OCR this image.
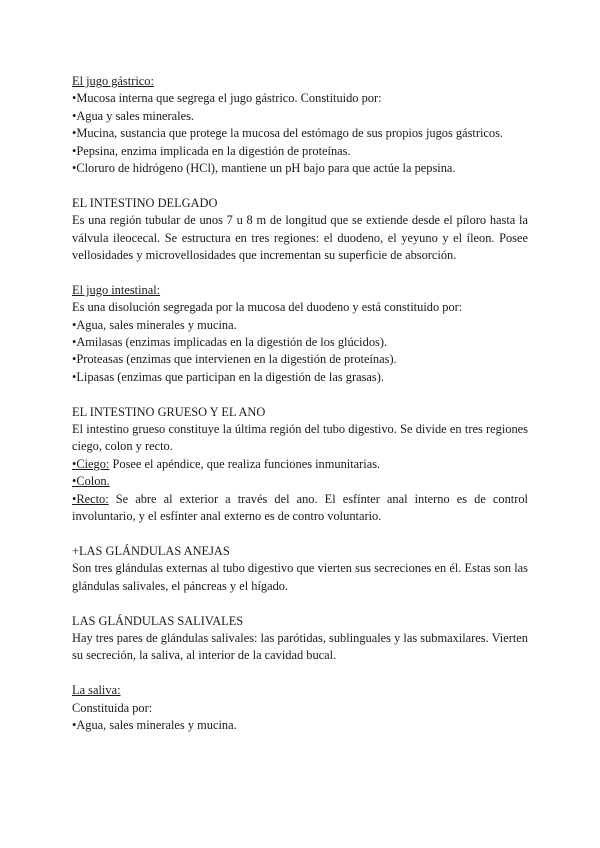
El jugo gástrico:
•Mucosa interna que segrega el jugo gástrico. Constituido por:
•Agua y sales minerales.
•Mucina, sustancia que protege la mucosa del estómago de sus propios jugos gástricos.
•Pepsina, enzima implicada en la digestión de proteínas.
•Cloruro de hidrógeno (HCl), mantiene un pH bajo para que actúe la pepsina.
EL INTESTINO DELGADO
Es una región tubular de unos 7 u 8 m de longitud que se extiende desde el píloro hasta la válvula ileocecal. Se estructura en tres regiones: el duodeno, el yeyuno y el íleon. Posee vellosidades y microvellosidades que incrementan su superficie de absorción.
El jugo intestinal:
Es una disolución segregada por la mucosa del duodeno y está constituido por:
•Agua, sales minerales y mucina.
•Amilasas (enzimas implicadas en la digestión de los glúcidos).
•Proteasas (enzimas que intervienen en la digestión de proteínas).
•Lipasas (enzimas que participan en la digestión de las grasas).
EL INTESTINO GRUESO Y EL ANO
El intestino grueso constituye la última región del tubo digestivo. Se divide en tres regiones ciego, colon y recto.
•Ciego: Posee el apéndice, que realiza funciones inmunitarias.
•Colon.
•Recto: Se abre al exterior a través del ano. El esfínter anal interno es de control involuntario, y el esfínter anal externo es de contro voluntario.
+LAS GLÁNDULAS ANEJAS
Son tres glándulas externas al tubo digestivo que vierten sus secreciones en él. Estas son las glándulas salivales, el páncreas y el hígado.
LAS GLÁNDULAS SALIVALES
Hay tres pares de glándulas salivales: las parótidas, sublinguales y las submaxilares. Vierten su secreción, la saliva, al interior de la cavidad bucal.
La saliva:
Constituida por:
•Agua, sales minerales y mucina.
